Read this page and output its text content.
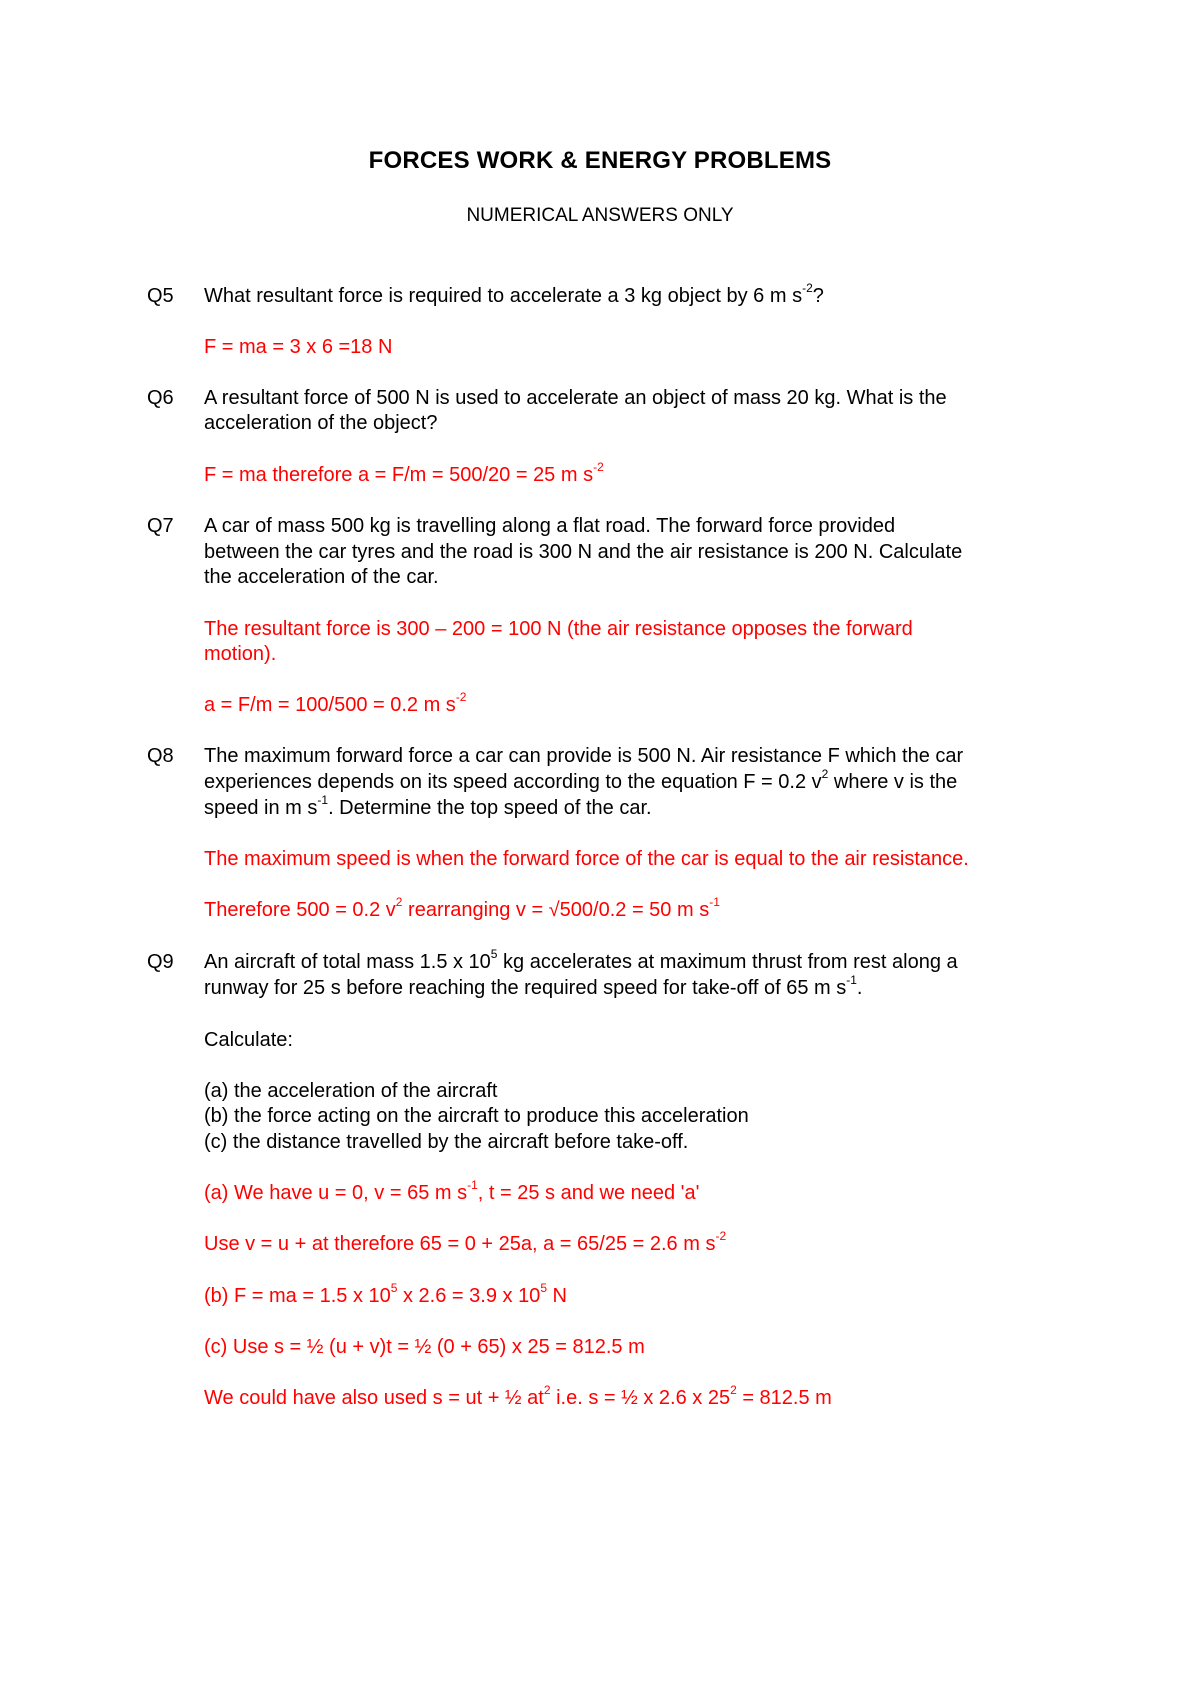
FORCES WORK & ENERGY PROBLEMS
NUMERICAL ANSWERS ONLY
Q5 What resultant force is required to accelerate a 3 kg object by 6 m $s^{-2}$?
F = ma = 3 x 6 =18 N
Q6 A resultant force of 500 N is used to accelerate an object of mass 20 kg. What is the
acceleration of the object?
F = ma therefore a = F/m = 500/20 = 25 m $s^{-2}$
Q7 A car of mass 500 kg is travelling along a flat road. The forward force provided
between the car tyres and the road is 300 N and the air resistance is 200 N. Calculate
the acceleration of the car.
The resultant force is 300 – 200 = 100 N (the air resistance opposes the forward
motion).
a = F/m = 100/500 = 0.2 m $s^{-2}$
Q8 The maximum forward force a car can provide is 500 N. Air resistance F which the car
experiences depends on its speed according to the equation F = 0.2 $v^2$ where v is the
speed in m $s^{-1}$. Determine the top speed of the car.
The maximum speed is when the forward force of the car is equal to the air resistance.
Therefore 500 = 0.2 $v^2$ rearranging v = √500/0.2 = 50 m $s^{-1}$
Q9 An aircraft of total mass 1.5 x $10^5$ kg accelerates at maximum thrust from rest along a
runway for 25 s before reaching the required speed for take-off of 65 m $s^{-1}$.
Calculate:
(a) the acceleration of the aircraft
(b) the force acting on the aircraft to produce this acceleration
(c) the distance travelled by the aircraft before take-off.
(a) We have u = 0, v = 65 m $s^{-1}$, t = 25 s and we need 'a'
Use v = u + at therefore 65 = 0 + 25a, a = 65/25 = 2.6 m $s^{-2}$
(b) F = ma = 1.5 x $10^5$ x 2.6 = 3.9 x $10^5$ N
(c) Use s = ½ (u + v)t = ½ (0 + 65) x 25 = 812.5 m
We could have also used s = ut + ½ $at^2$ i.e. s = ½ x 2.6 x $25^2 = 812.5$ m
